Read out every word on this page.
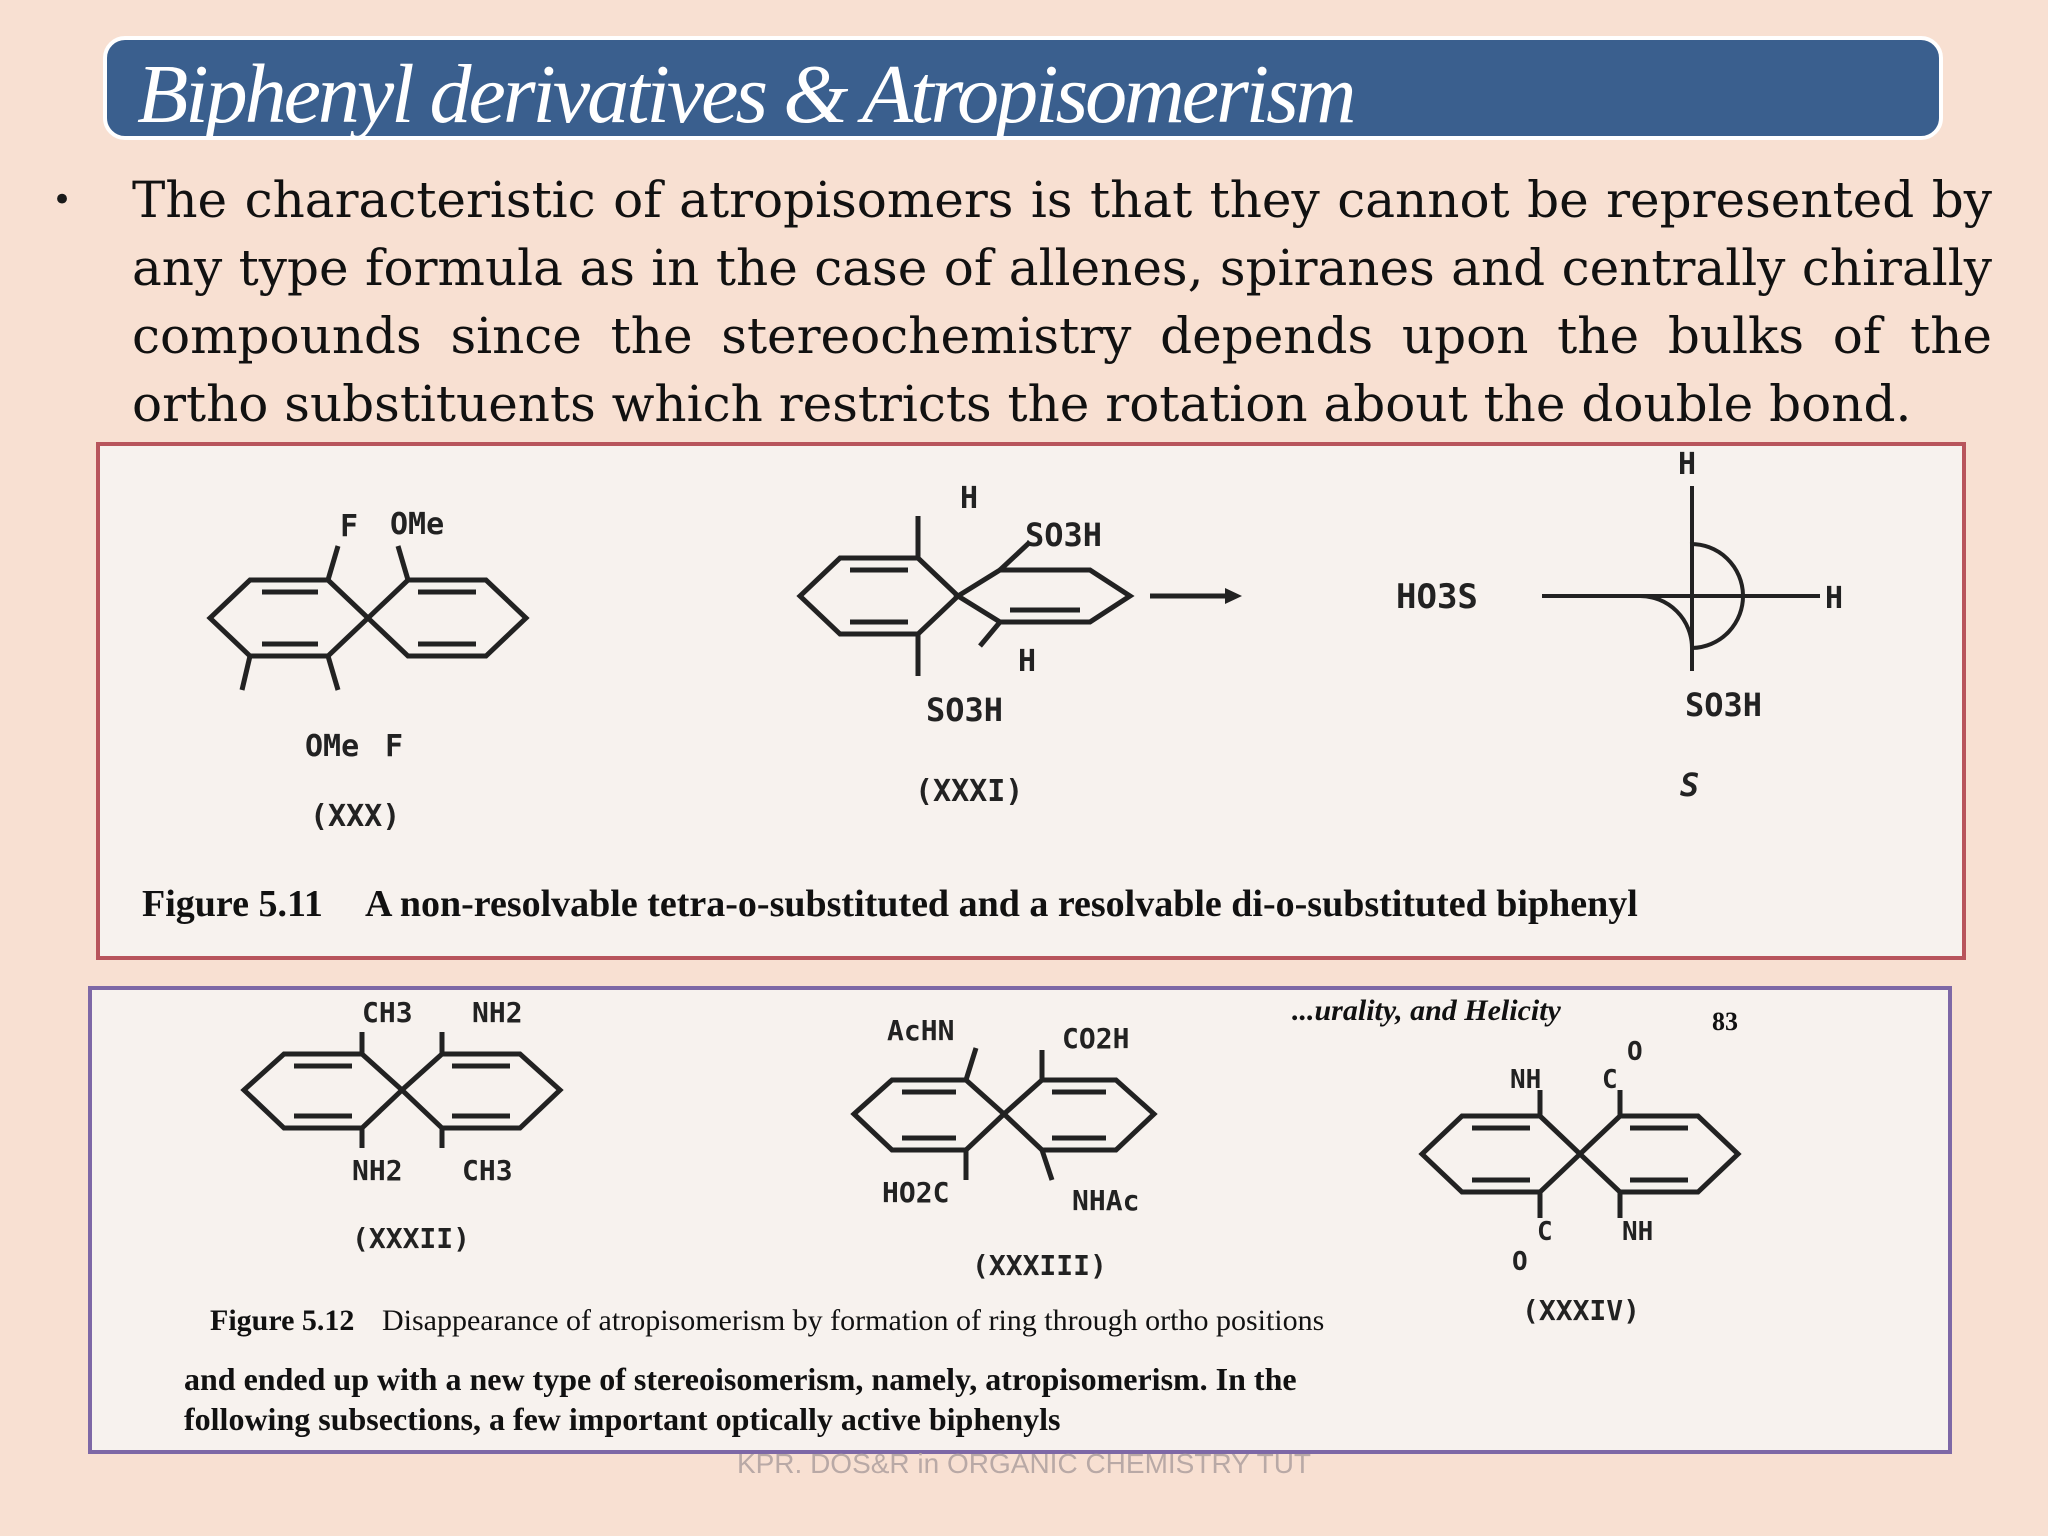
Biphenyl derivatives & Atropisomerism
• The characteristic of atropisomers is that they cannot be represented by any type formula as in the case of allenes, spiranes and centrally chirally compounds since the stereochemistry depends upon the bulks of the ortho substituents which restricts the rotation about the double bond.
F OMe
OMe F
(XXX)
H
SO3H
H
SO3H
(XXXI)
HO3S
H
H
SO3H
S
Figure 5.11 A non-resolvable tetra-o-substituted and a resolvable di-o-substituted biphenyl
...urality, and Helicity	83
CH3 NH2
NH2 CH3
(XXXII)
AcHN	CO2H
HO2C	NHAc
(XXXIII)
NH C
O
C	NH
O
(XXXIV)
Figure 5.12 Disappearance of atropisomerism by formation of ring through ortho positions
and ended up with a new type of stereoisomerism, namely, atropisomerism. In the
following subsections, a few important optically active biphenyls
KPR. DOS&R in ORGANIC CHEMISTRY TUT
